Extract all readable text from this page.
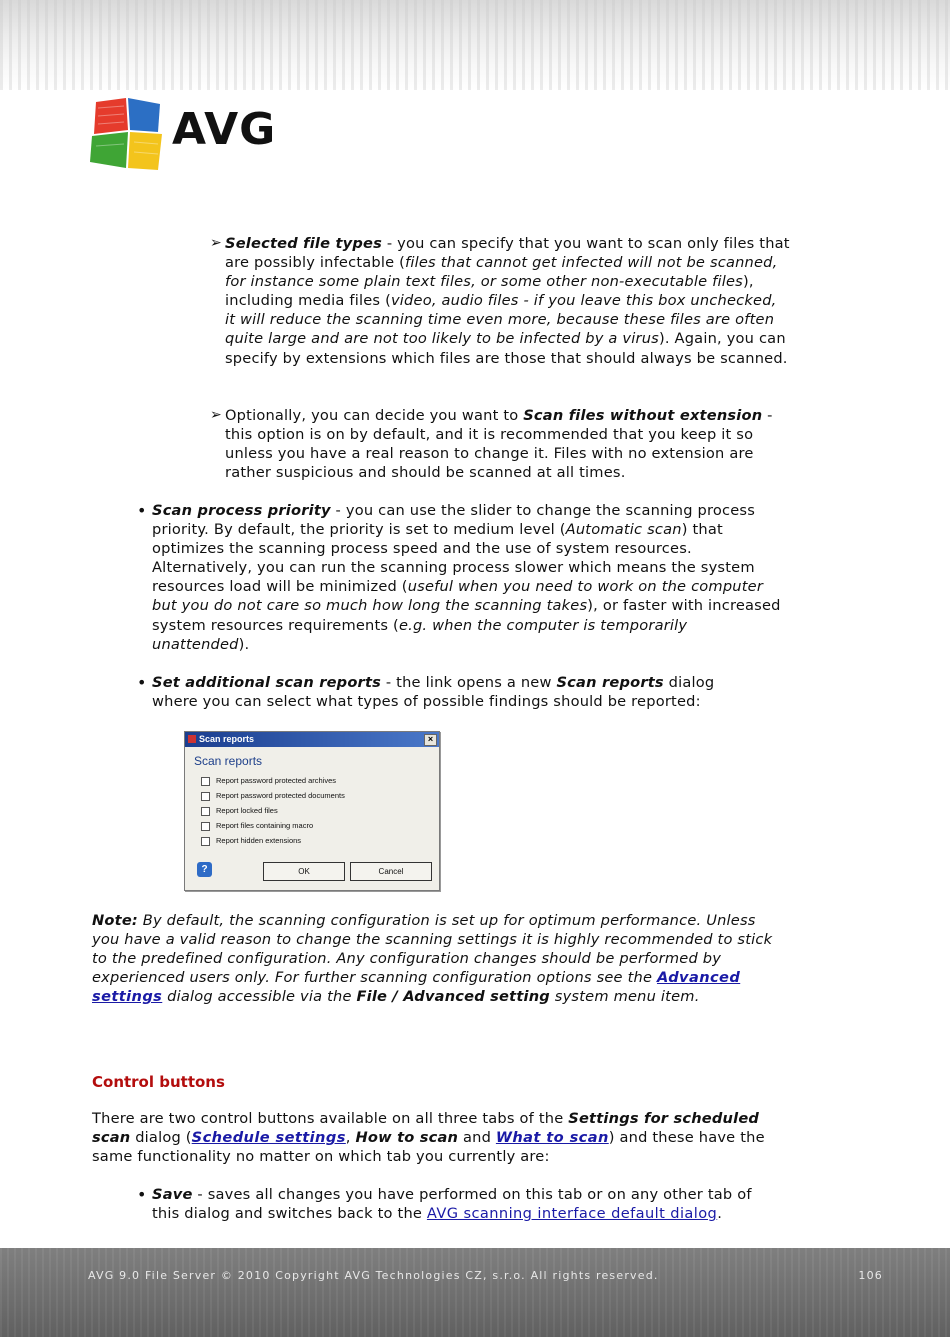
AVG
➢ Selected file types - you can specify that you want to scan only files that are possibly infectable (files that cannot get infected will not be scanned, for instance some plain text files, or some other non-executable files), including media files (video, audio files - if you leave this box unchecked, it will reduce the scanning time even more, because these files are often quite large and are not too likely to be infected by a virus). Again, you can specify by extensions which files are those that should always be scanned.
➢ Optionally, you can decide you want to Scan files without extension - this option is on by default, and it is recommended that you keep it so unless you have a real reason to change it. Files with no extension are rather suspicious and should be scanned at all times.
• Scan process priority - you can use the slider to change the scanning process priority. By default, the priority is set to medium level (Automatic scan) that optimizes the scanning process speed and the use of system resources. Alternatively, you can run the scanning process slower which means the system resources load will be minimized (useful when you need to work on the computer but you do not care so much how long the scanning takes), or faster with increased system resources requirements (e.g. when the computer is temporarily unattended).
• Set additional scan reports - the link opens a new Scan reports dialog where you can select what types of possible findings should be reported:
Scan reports	×
Scan reports
Report password protected archives
Report password protected documents
Report locked files
Report files containing macro
Report hidden extensions
?	OK	Cancel
Note: By default, the scanning configuration is set up for optimum performance. Unless you have a valid reason to change the scanning settings it is highly recommended to stick to the predefined configuration. Any configuration changes should be performed by experienced users only. For further scanning configuration options see the Advanced settings dialog accessible via the File / Advanced setting system menu item.
Control buttons
There are two control buttons available on all three tabs of the Settings for scheduled scan dialog (Schedule settings, How to scan and What to scan) and these have the same functionality no matter on which tab you currently are:
• Save - saves all changes you have performed on this tab or on any other tab of this dialog and switches back to the AVG scanning interface default dialog.
AVG 9.0 File Server © 2010 Copyright AVG Technologies CZ, s.r.o. All rights reserved.	106
